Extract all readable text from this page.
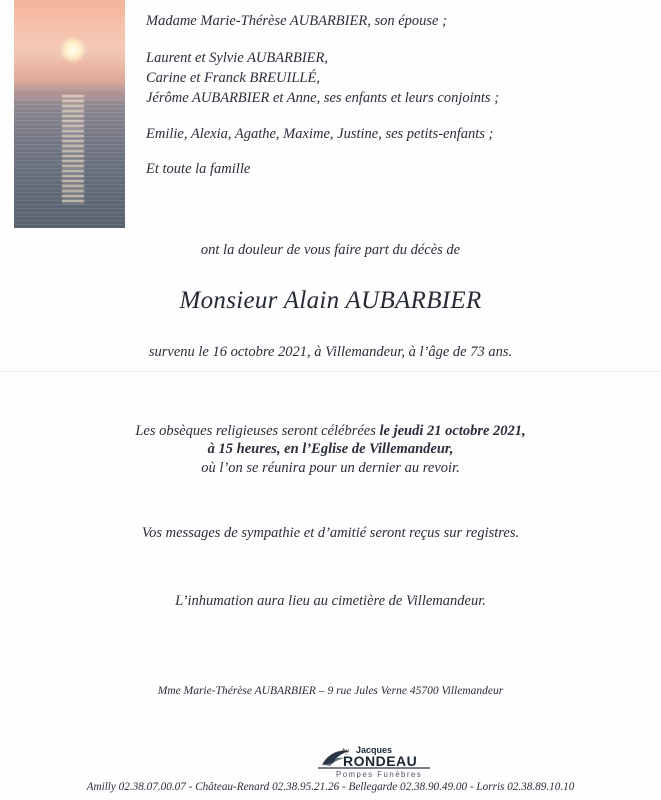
Madame Marie-Thérèse AUBARBIER, son épouse ;
Laurent et Sylvie AUBARBIER,
Carine et Franck BREUILLÉ,
Jérôme AUBARBIER et Anne, ses enfants et leurs conjoints ;
Emilie, Alexia, Agathe, Maxime, Justine, ses petits-enfants ;
Et toute la famille
ont la douleur de vous faire part du décès de
Monsieur Alain AUBARBIER
survenu le 16 octobre 2021, à Villemandeur, à l’âge de 73 ans.
Les obsèques religieuses seront célébrées le jeudi 21 octobre 2021,
à 15 heures, en l’Eglise de Villemandeur,
où l’on se réunira pour un dernier au revoir.
Vos messages de sympathie et d’amitié seront reçus sur registres.
L’inhumation aura lieu au cimetière de Villemandeur.
Mme Marie-Thérèse AUBARBIER – 9 rue Jules Verne 45700 Villemandeur
by Jacques
RONDEAU
Pompes Funèbres
Amilly 02.38.07.00.07 - Château-Renard 02.38.95.21.26 - Bellegarde 02.38.90.49.00 - Lorris 02.38.89.10.10
